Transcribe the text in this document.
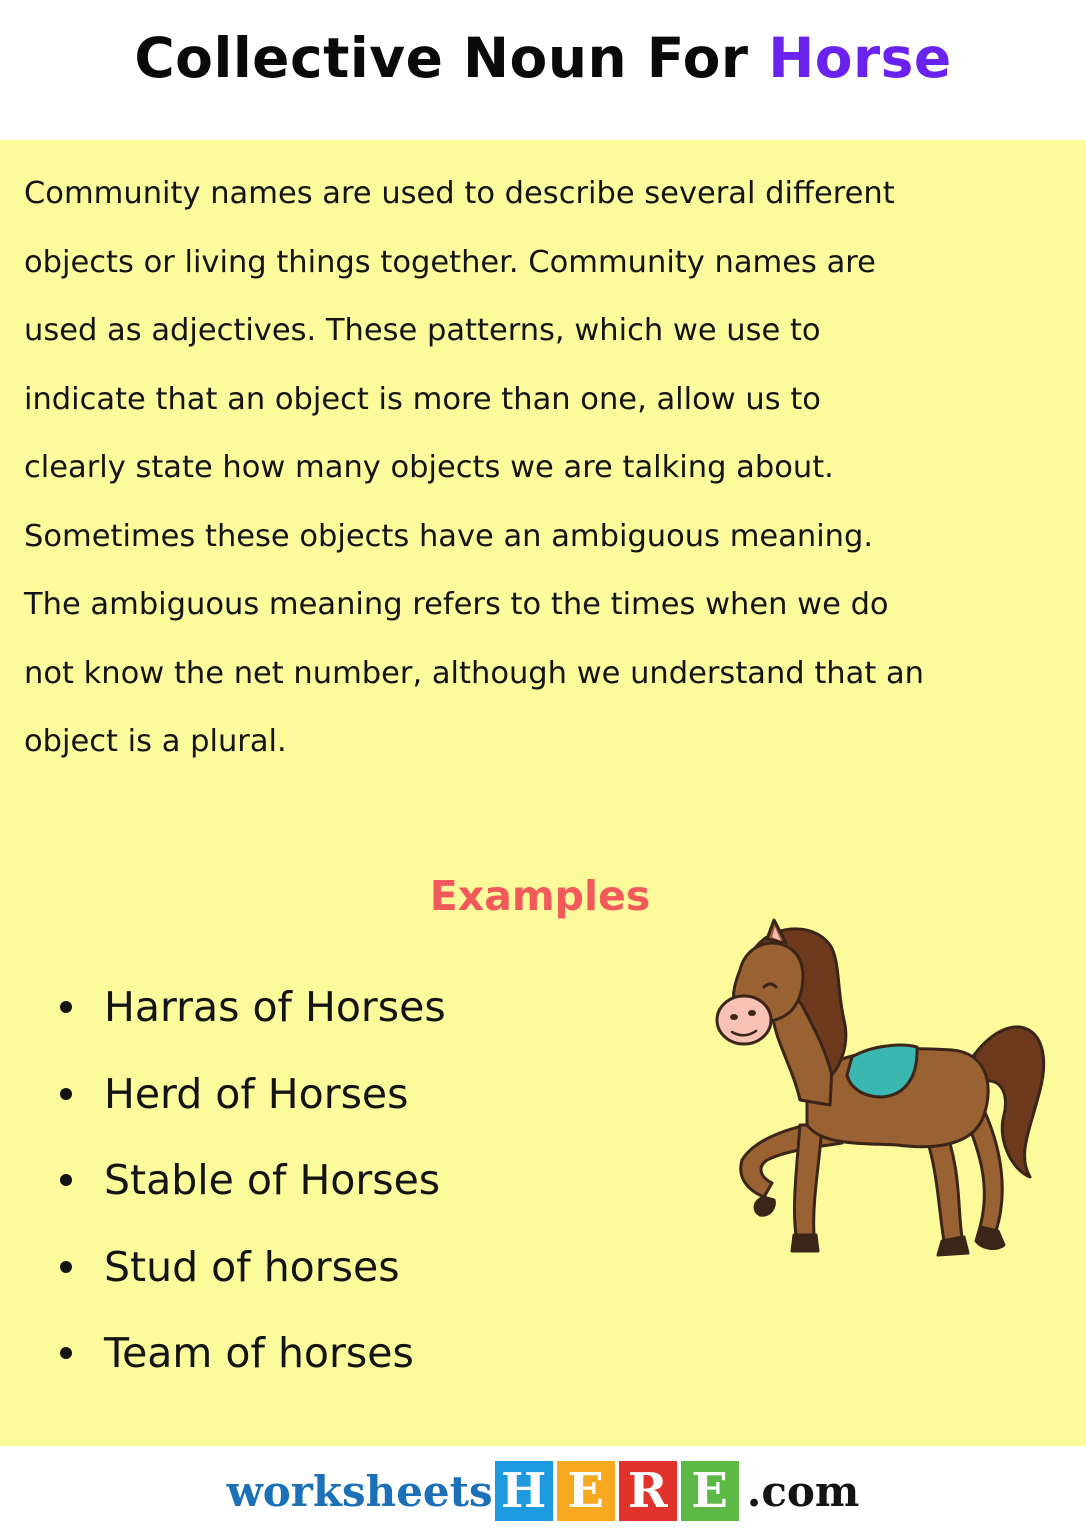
Collective Noun For Horse

Community names are used to describe several different objects or living things together. Community names are used as adjectives. These patterns, which we use to indicate that an object is more than one, allow us to clearly state how many objects we are talking about. Sometimes these objects have an ambiguous meaning. The ambiguous meaning refers to the times when we do not know the net number, although we understand that an object is a plural.

Examples
Harras of Horses
Herd of Horses
Stable of Horses
Stud of horses
Team of horses
worksheets H E R E .com
